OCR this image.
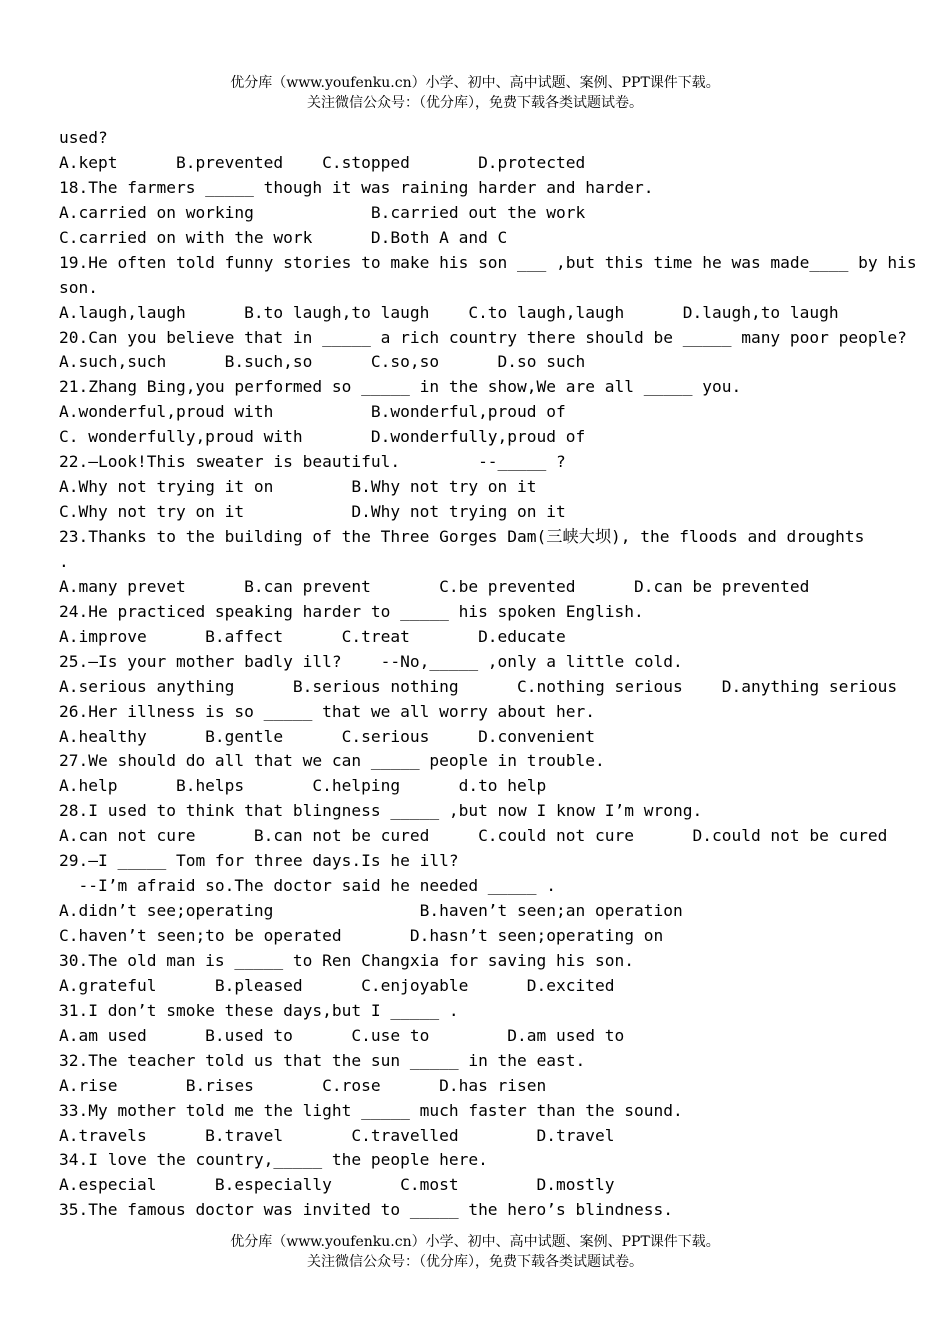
优分库（www.youfenku.cn）小学、初中、高中试题、案例、PPT课件下载。
关注微信公众号：（优分库），免费下载各类试题试卷。
used?
A.kept      B.prevented    C.stopped       D.protected
18.The farmers _____ though it was raining harder and harder.
A.carried on working            B.carried out the work
C.carried on with the work      D.Both A and C
19.He often told funny stories to make his son ___ ,but this time he was made____ by his
son.
A.laugh,laugh      B.to laugh,to laugh    C.to laugh,laugh      D.laugh,to laugh
20.Can you believe that in _____ a rich country there should be _____ many poor people?
A.such,such      B.such,so      C.so,so      D.so such
21.Zhang Bing,you performed so _____ in the show,We are all _____ you.
A.wonderful,proud with          B.wonderful,proud of
C. wonderfully,proud with       D.wonderfully,proud of
22.—Look!This sweater is beautiful.        --_____ ?
A.Why not trying it on        B.Why not try on it
C.Why not try on it           D.Why not trying on it
23.Thanks to the building of the Three Gorges Dam(三峡大坝), the floods and droughts
.
A.many prevet      B.can prevent       C.be prevented      D.can be prevented
24.He practiced speaking harder to _____ his spoken English.
A.improve      B.affect      C.treat       D.educate
25.—Is your mother badly ill?    --No,_____ ,only a little cold.
A.serious anything      B.serious nothing      C.nothing serious    D.anything serious
26.Her illness is so _____ that we all worry about her.
A.healthy      B.gentle      C.serious     D.convenient
27.We should do all that we can _____ people in trouble.
A.help      B.helps       C.helping      d.to help
28.I used to think that blingness _____ ,but now I know I’m wrong.
A.can not cure      B.can not be cured     C.could not cure      D.could not be cured
29.—I _____ Tom for three days.Is he ill?
--I’m afraid so.The doctor said he needed _____ .
A.didn’t see;operating               B.haven’t seen;an operation
C.haven’t seen;to be operated       D.hasn’t seen;operating on
30.The old man is _____ to Ren Changxia for saving his son.
A.grateful      B.pleased      C.enjoyable      D.excited
31.I don’t smoke these days,but I _____ .
A.am used      B.used to      C.use to        D.am used to
32.The teacher told us that the sun _____ in the east.
A.rise       B.rises       C.rose      D.has risen
33.My mother told me the light _____ much faster than the sound.
A.travels      B.travel       C.travelled        D.travel
34.I love the country,_____ the people here.
A.especial      B.especially       C.most        D.mostly
35.The famous doctor was invited to _____ the hero’s blindness.
优分库（www.youfenku.cn）小学、初中、高中试题、案例、PPT课件下载。
关注微信公众号：（优分库），免费下载各类试题试卷。
